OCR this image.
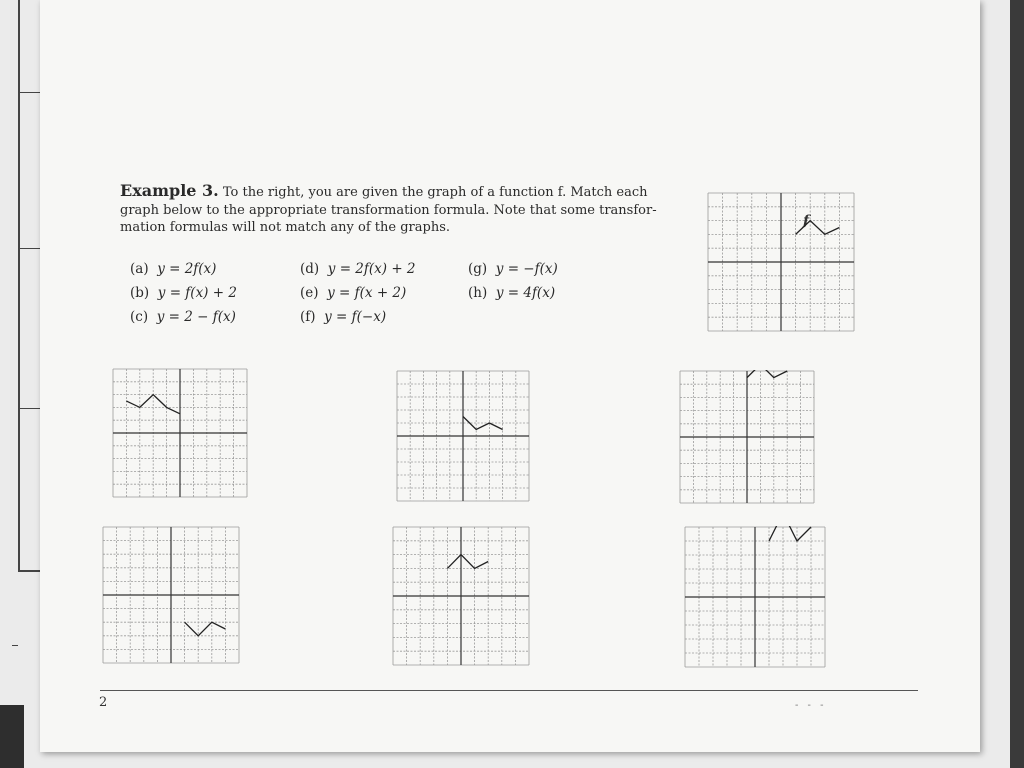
Example 3. To the right, you are given the graph of a function f. Match each
graph below to the appropriate transformation formula. Note that some transfor-
mation formulas will not match any of the graphs.
(a) y = 2f(x)
(b) y = f(x) + 2
(c) y = 2 − f(x)
(d) y = 2f(x) + 2
(e) y = f(x + 2)
(f) y = f(−x)
(g) y = −f(x)
(h) y = 4f(x)
f
2	- - -
